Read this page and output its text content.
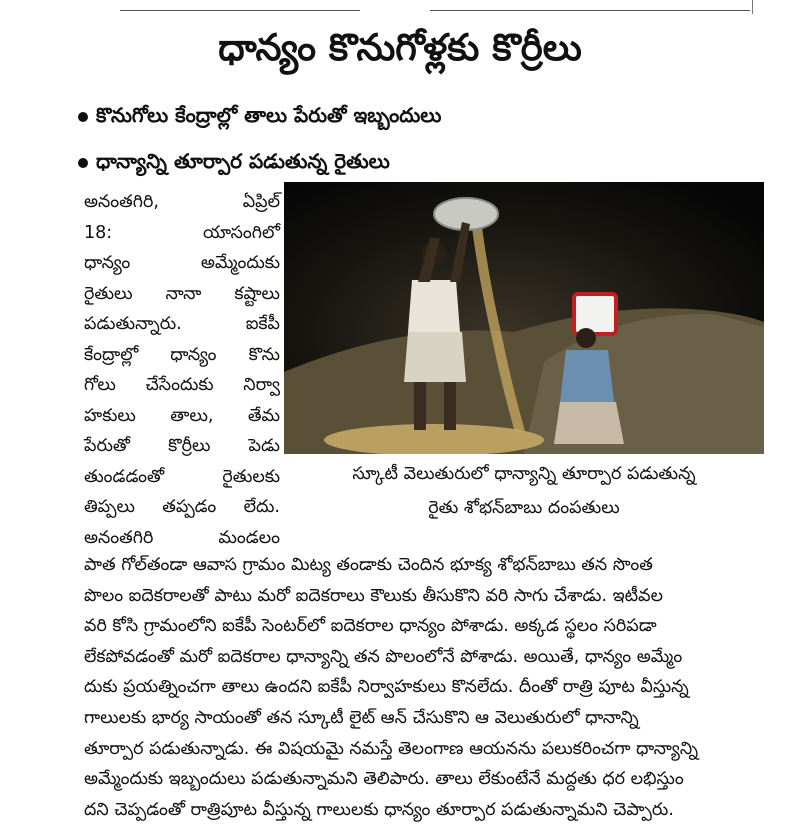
ధాన్యం కొనుగోళ్లకు కొర్రీలు
కొనుగోలు కేంద్రాల్లో తాలు పేరుతో ఇబ్బందులు
ధాన్యాన్ని తూర్పార పడుతున్న రైతులు
అనంతగిరి, ఏప్రిల్
18: యాసంగిలో
ధాన్యం అమ్మేందుకు
రైతులు నానా కష్టాలు
పడుతున్నారు. ఐకేపీ
కేంద్రాల్లో ధాన్యం కొను
గోలు చేసేందుకు నిర్వా
హకులు తాలు, తేమ
పేరుతో కొర్రీలు పెడు
తుండడంతో రైతులకు
తిప్పలు తప్పడం లేదు.
అనంతగిరి మండలం
స్కూటీ వెలుతురులో ధాన్యాన్ని తూర్పార పడుతున్న
రైతు శోభన్‌బాబు దంపతులు
పాత గోల్‌తండా ఆవాస గ్రామం మిట్య తండాకు చెందిన భూక్య శోభన్‌బాబు తన సొంత
పొలం ఐదెకరాలతో పాటు మరో ఐదెకరాలు కౌలుకు తీసుకొని వరి సాగు చేశాడు. ఇటీవల
వరి కోసి గ్రామంలోని ఐకేపీ సెంటర్‌లో ఐదెకరాల ధాన్యం పోశాడు. అక్కడ స్థలం సరిపడా
లేకపోవడంతో మరో ఐదెకరాల ధాన్యాన్ని తన పొలంలోనే పోశాడు. అయితే, ధాన్యం అమ్మేం
దుకు ప్రయత్నించగా తాలు ఉందని ఐకేపీ నిర్వాహకులు కొనలేదు. దీంతో రాత్రి పూట వీస్తున్న
గాలులకు భార్య సాయంతో తన స్కూటీ లైట్ ఆన్ చేసుకొని ఆ వెలుతురులో ధానాన్ని
తూర్పార పడుతున్నాడు. ఈ విషయమై నమస్తే తెలంగాణ ఆయనను పలుకరించగా ధాన్యాన్ని
అమ్మేందుకు ఇబ్బందులు పడుతున్నామని తెలిపారు. తాలు లేకుంటేనే మద్దతు ధర లభిస్తుం
దని చెప్పడంతో రాత్రిపూట వీస్తున్న గాలులకు ధాన్యం తూర్పార పడుతున్నామని చెప్పారు.
